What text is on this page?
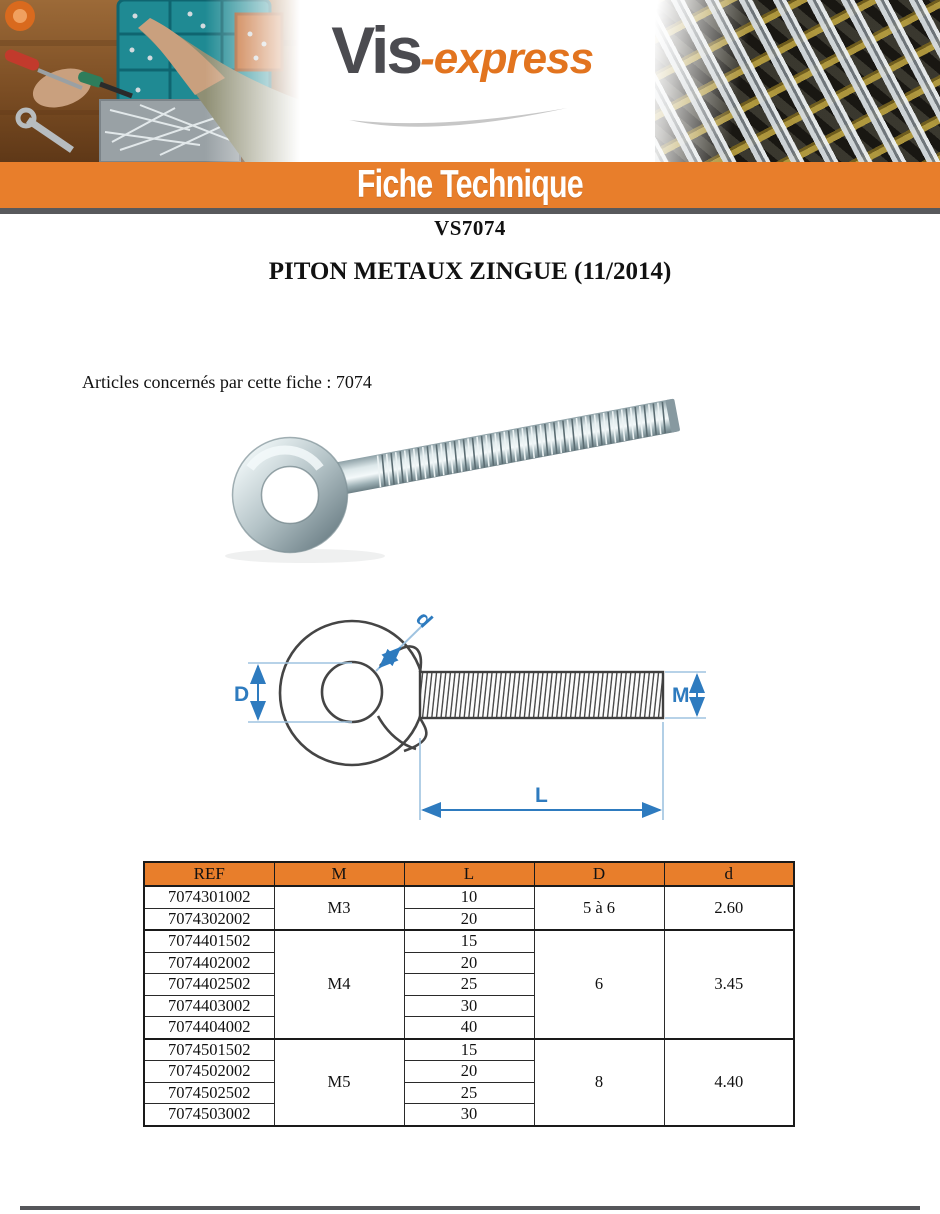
Vis-express
Fiche Technique
VS7074
PITON METAUX ZINGUE (11/2014)
Articles concernés par cette fiche : 7074
D
d
M
L
REF	M	L	D	d
7074301002	M3	10	5 à 6	2.60
7074302002		20		
7074401502	M4	15	6	3.45
7074402002		20		
7074402502		25		
7074403002		30		
7074404002		40		
7074501502	M5	15	8	4.40
7074502002		20		
7074502502		25		
7074503002		30		
